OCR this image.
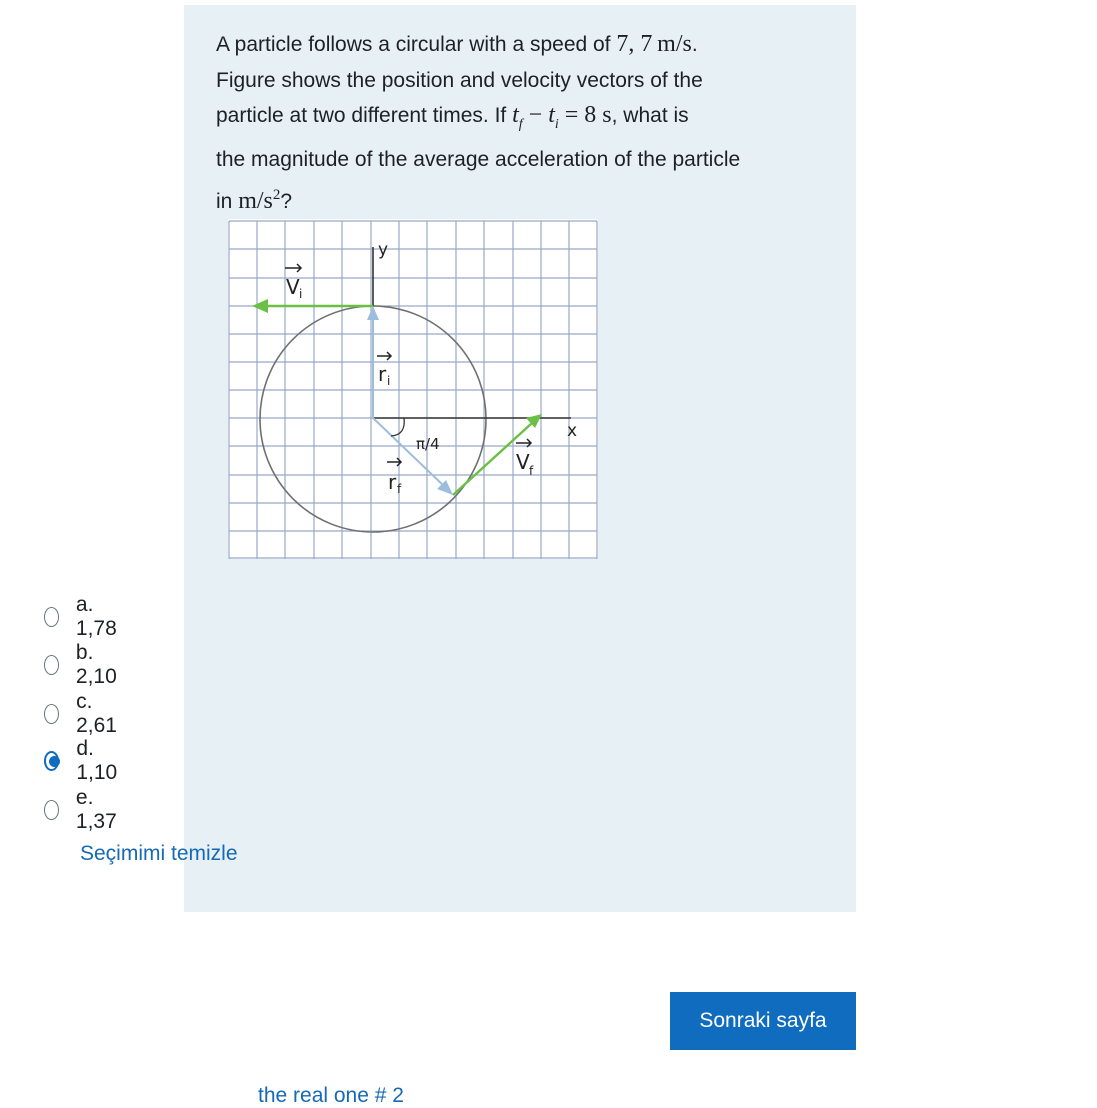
A particle follows a circular with a speed of 7, 7  m/s.
Figure shows the position and velocity vectors of the
particle at two different times. If $t_f - t_i = 8$ s, what is
the magnitude of the average acceleration of the particle
in $m/s^2$?
y
x
π/4
V i
r i
r f
V f
a. 1,78
b. 2,10
c. 2,61
d. 1,10
e. 1,37
Seçimimi temizle
Sonraki sayfa
the real one # 2
